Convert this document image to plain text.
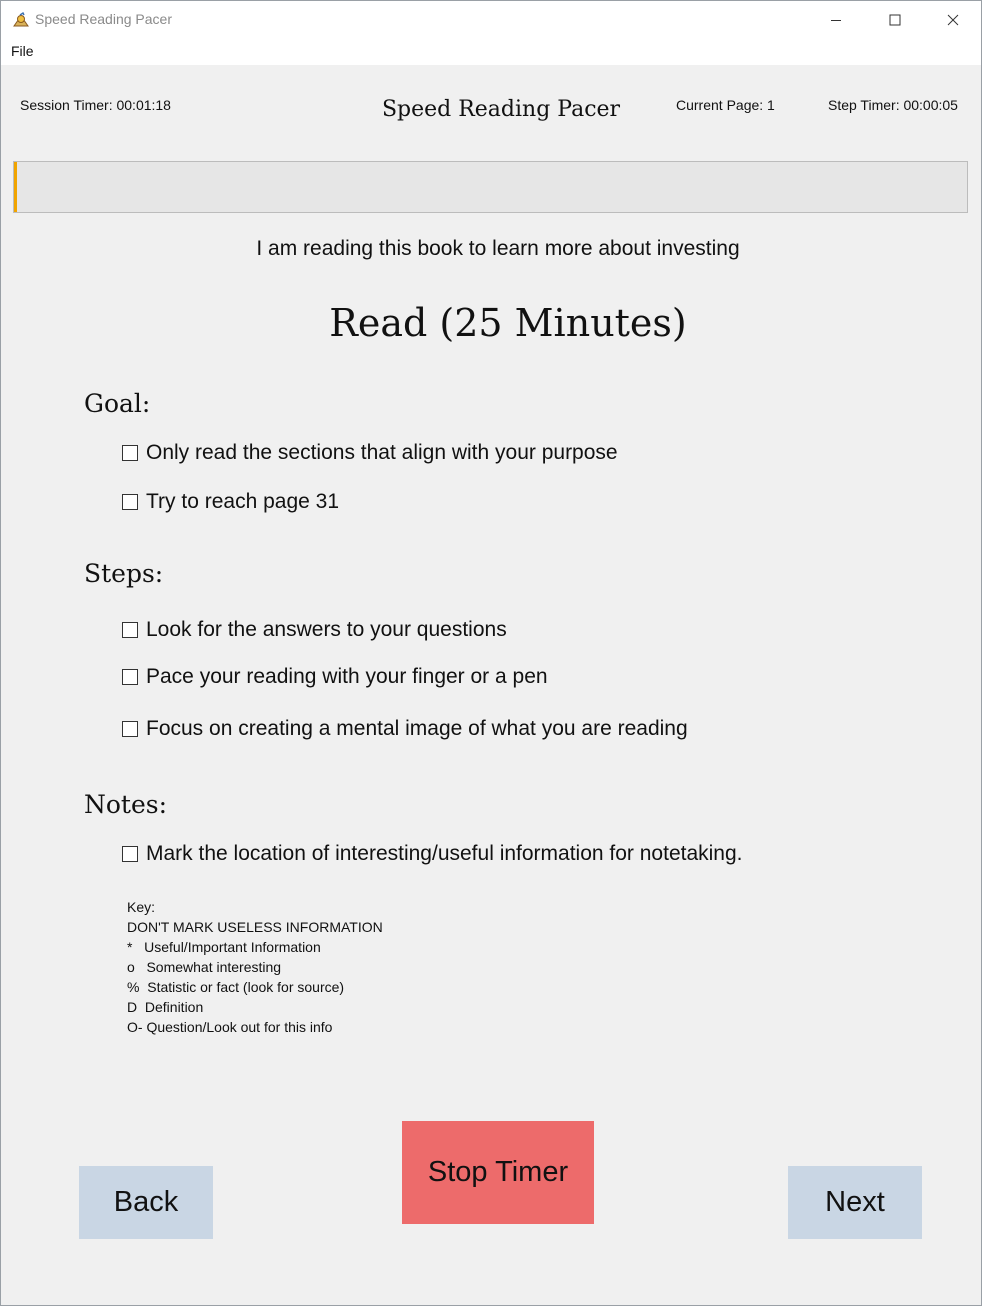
Speed Reading Pacer
File
Session Timer: 00:01:18	Speed Reading Pacer	Current Page: 1	Step Timer: 00:00:05
I am reading this book to learn more about investing
Read (25 Minutes)
Goal:
Only read the sections that align with your purpose
Try to reach page 31
Steps:
Look for the answers to your questions
Pace your reading with your finger or a pen
Focus on creating a mental image of what you are reading
Notes:
Mark the location of interesting/useful information for notetaking.
Key:
DON'T MARK USELESS INFORMATION
*   Useful/Important Information
o   Somewhat interesting
%  Statistic or fact (look for source)
D  Definition
O- Question/Look out for this info
Back
Stop Timer
Next
